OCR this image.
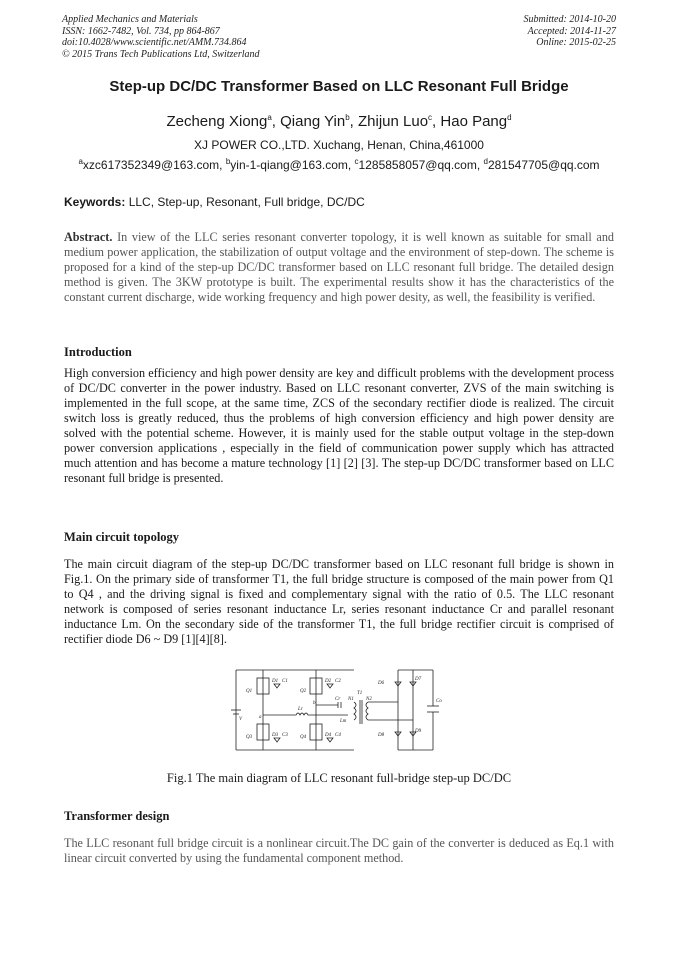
Applied Mechanics and Materials
ISSN: 1662-7482, Vol. 734, pp 864-867
doi:10.4028/www.scientific.net/AMM.734.864
© 2015 Trans Tech Publications Ltd, Switzerland
Submitted: 2014-10-20
Accepted: 2014-11-27
Online: 2015-02-25
Step-up DC/DC Transformer Based on LLC Resonant Full Bridge
Zecheng Xiong$^a$, Qiang Yin$^b$, Zhijun Luo$^c$, Hao Pang$^d$
XJ POWER CO.,LTD. Xuchang, Henan, China,461000
$^a$xzc617352349@163.com, $^b$yin-1-qiang@163.com, $^c$1285858057@qq.com, $^d$281547705@qq.com
Keywords: LLC, Step-up, Resonant, Full bridge, DC/DC
Abstract. In view of the LLC series resonant converter topology, it is well known as suitable for small and medium power application, the stabilization of output voltage and the environment of step-down. The scheme is proposed for a kind of the step-up DC/DC transformer based on LLC resonant full bridge. The detailed design method is given. The 3KW prototype is built. The experimental results show it has the characteristics of the constant current discharge, wide working frequency and high power desity, as well, the feasibility is verified.
Introduction
High conversion efficiency and high power density are key and difficult problems with the development process of DC/DC converter in the power industry. Based on LLC resonant converter, ZVS of the main switching is implemented in the full scope, at the same time, ZCS of the secondary rectifier diode is realized. The circuit switch loss is greatly reduced, thus the problems of high conversion efficiency and high power density are solved with the potential scheme. However, it is mainly used for the stable output voltage in the step-down power conversion applications , especially in the field of communication power supply which has attracted much attention and has become a mature technology [1] [2] [3]. The step-up DC/DC transformer based on LLC resonant full bridge is presented.
Main circuit topology
The main circuit diagram of the step-up DC/DC transformer based on LLC resonant full bridge is shown in Fig.1. On the primary side of transformer T1, the full bridge structure is composed of the main power from Q1 to Q4 , and the driving signal is fixed and complementary signal with the ratio of 0.5. The LLC resonant network is composed of series resonant inductance Lr, series resonant inductance Cr and parallel resonant inductance Lm. On the secondary side of the transformer T1, the full bridge rectifier circuit is comprised of rectifier diode D6 ~ D9 [1][4][8].
V
Q1
Q3
D1 C1
D3 C3
Q2
Q4
D2 C2
D4 C4
a
b
Lr
Cr
Lm
T1
N1 N2
D6
D7
D8
D9
Co
Fig.1 The main diagram of LLC resonant full-bridge step-up DC/DC
Transformer design
The LLC resonant full bridge circuit is a nonlinear circuit.The DC gain of the converter is deduced as Eq.1 with linear circuit converted by using the fundamental component method.
